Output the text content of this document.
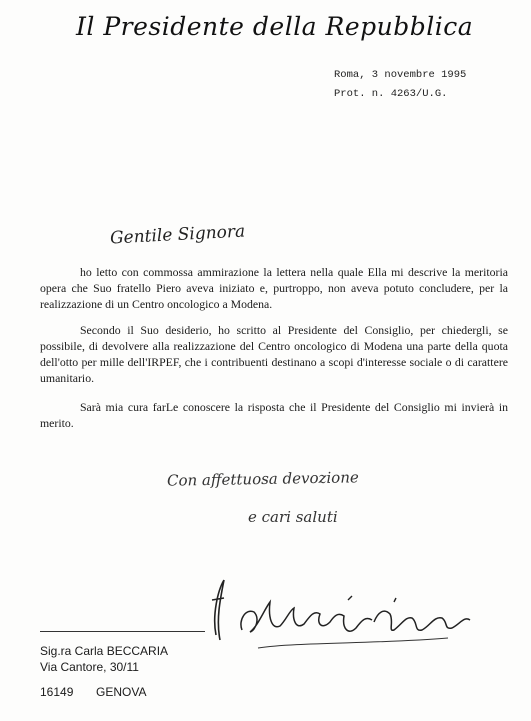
Il Presidente della Repubblica
Roma, 3 novembre 1995
Prot. n. 4263/U.G.
Gentile Signora

ho letto con commossa ammirazione la lettera nella quale Ella mi descrive la meritoria opera che Suo fratello Piero aveva iniziato e, purtroppo, non aveva potuto concludere, per la realizzazione di un Centro oncologico a Modena.

Secondo il Suo desiderio, ho scritto al Presidente del Consiglio, per chiedergli, se possibile, di devolvere alla realizzazione del Centro oncologico di Modena una parte della quota dell'otto per mille dell'IRPEF, che i contribuenti destinano a scopi d'interesse sociale o di carattere umanitario.

Sarà mia cura farLe conoscere la risposta che il Presidente del Consiglio mi invierà in merito.

Con affettuosa devozione
e cari saluti
Sig.ra Carla BECCARIA
Via Cantore, 30/11
16149 GENOVA
